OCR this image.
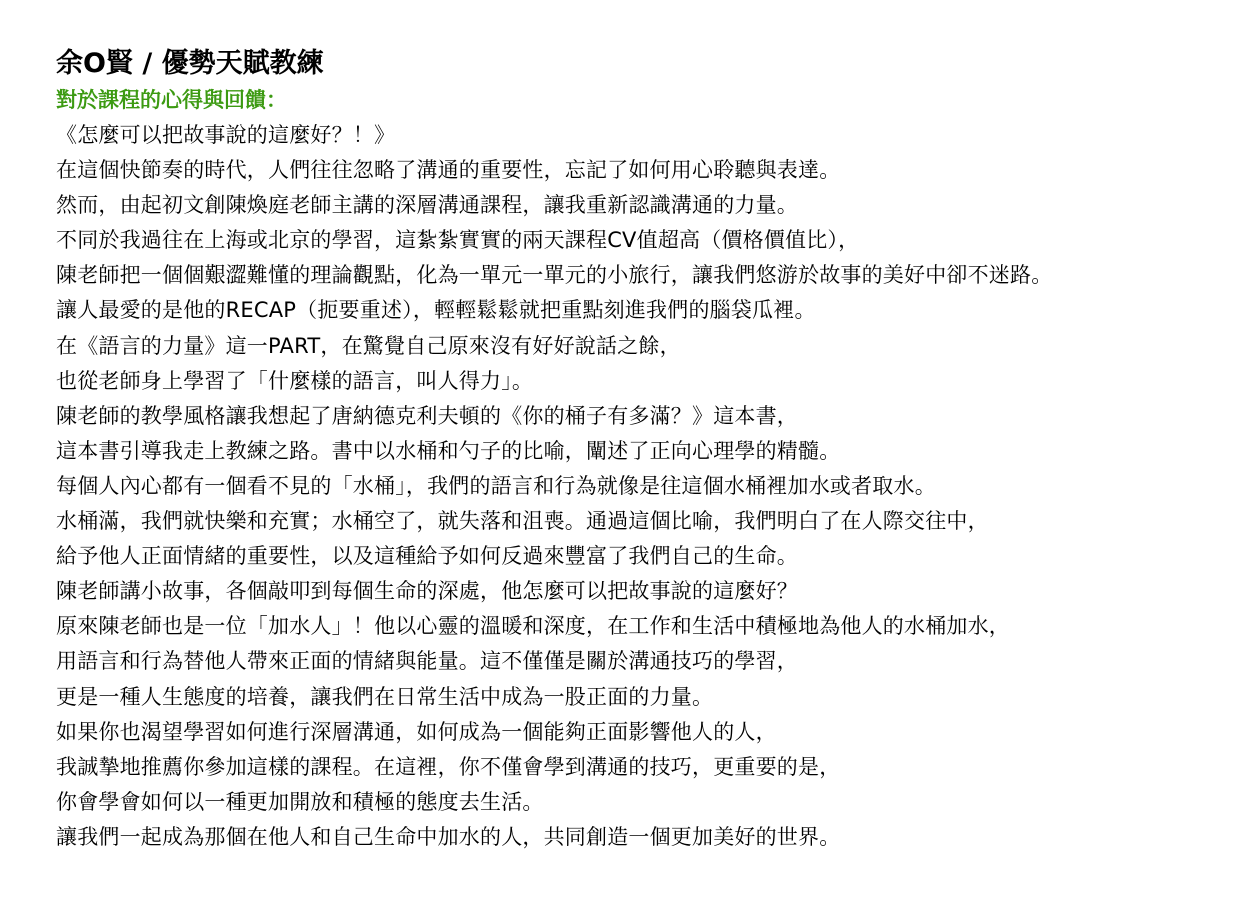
余O賢 / 優勢天賦教練
對於課程的心得與回饋：
《怎麼可以把故事說的這麼好？！》
在這個快節奏的時代，人們往往忽略了溝通的重要性，忘記了如何用心聆聽與表達。
然而，由起初文創陳煥庭老師主講的深層溝通課程，讓我重新認識溝通的力量。
不同於我過往在上海或北京的學習，這紮紮實實的兩天課程CV值超高（價格價值比），
陳老師把一個個艱澀難懂的理論觀點，化為一單元一單元的小旅行，讓我們悠游於故事的美好中卻不迷路。
讓人最愛的是他的RECAP（扼要重述），輕輕鬆鬆就把重點刻進我們的腦袋瓜裡。
在《語言的力量》這一PART，在驚覺自己原來沒有好好說話之餘，
也從老師身上學習了「什麼樣的語言，叫人得力」。
陳老師的教學風格讓我想起了唐納德克利夫頓的《你的桶子有多滿？》這本書，
這本書引導我走上教練之路。書中以水桶和勺子的比喻，闡述了正向心理學的精髓。
每個人內心都有一個看不見的「水桶」，我們的語言和行為就像是往這個水桶裡加水或者取水。
水桶滿，我們就快樂和充實；水桶空了，就失落和沮喪。通過這個比喻，我們明白了在人際交往中，
給予他人正面情緒的重要性，以及這種給予如何反過來豐富了我們自己的生命。
陳老師講小故事，各個敲叩到每個生命的深處，他怎麼可以把故事說的這麼好？
原來陳老師也是一位「加水人」！他以心靈的溫暖和深度，在工作和生活中積極地為他人的水桶加水，
用語言和行為替他人帶來正面的情緒與能量。這不僅僅是關於溝通技巧的學習，
更是一種人生態度的培養，讓我們在日常生活中成為一股正面的力量。
如果你也渴望學習如何進行深層溝通，如何成為一個能夠正面影響他人的人，
我誠摯地推薦你參加這樣的課程。在這裡，你不僅會學到溝通的技巧，更重要的是，
你會學會如何以一種更加開放和積極的態度去生活。
讓我們一起成為那個在他人和自己生命中加水的人，共同創造一個更加美好的世界。
